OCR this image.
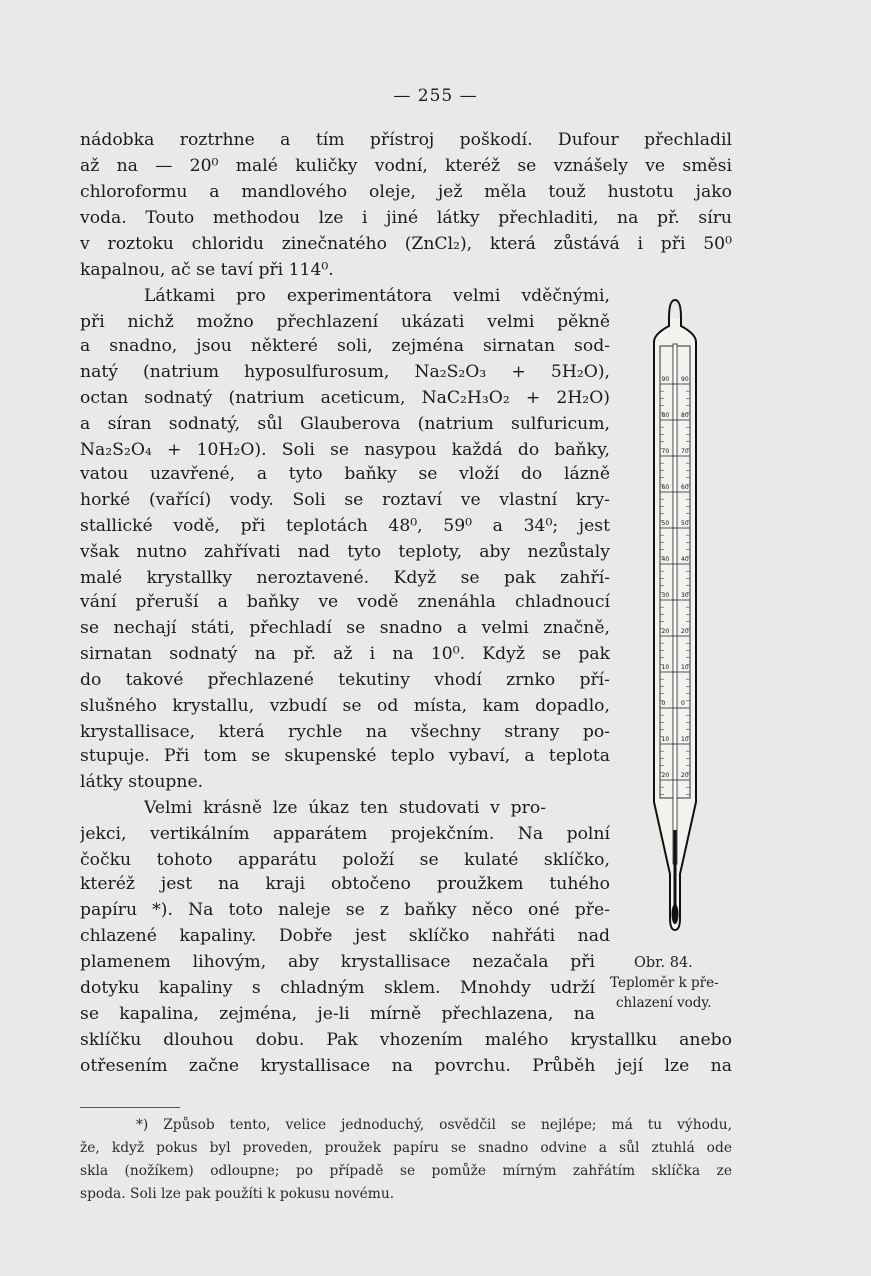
— 255 —
nádobka roztrhne a tím přístroj poškodí. Dufour přechladil
až na — 20⁰ malé kuličky vodní, kteréž se vznášely ve směsi
chloroformu a mandlového oleje, jež měla touž hustotu jako
voda. Touto methodou lze i jiné látky přechladiti, na př. síru
v roztoku chloridu zinečnatého (ZnCl₂), která zůstává i při 50⁰
kapalnou, ač se taví při 114⁰.
Látkami pro experimentátora velmi vděčnými,
při nichž možno přechlazení ukázati velmi pěkně
a snadno, jsou některé soli, zejména sirnatan sod-
natý (natrium hyposulfurosum, Na₂S₂O₃ + 5H₂O),
octan sodnatý (natrium aceticum, NaC₂H₃O₂ + 2H₂O)
a síran sodnatý, sůl Glauberova (natrium sulfuricum,
Na₂S₂O₄ + 10H₂O). Soli se nasypou každá do baňky,
vatou uzavřené, a tyto baňky se vloží do lázně
horké (vařící) vody. Soli se roztaví ve vlastní kry-
stallické vodě, při teplotách 48⁰, 59⁰ a 34⁰; jest
však nutno zahřívati nad tyto teploty, aby nezůstaly
malé krystallky neroztavené. Když se pak zahří-
vání přeruší a baňky ve vodě znenáhla chladnoucí
se nechají státi, přechladí se snadno a velmi značně,
sirnatan sodnatý na př. až i na 10⁰. Když se pak
do takové přechlazené tekutiny vhodí zrnko pří-
slušného krystallu, vzbudí se od místa, kam dopadlo,
krystallisace, která rychle na všechny strany po-
stupuje. Při tom se skupenské teplo vybaví, a teplota
látky stoupne.
Velmi krásně lze úkaz ten studovati v pro-
jekci, vertikálním apparátem projekčním. Na polní
čočku tohoto apparátu položí se kulaté sklíčko,
kteréž jest na kraji obtočeno proužkem tuhého
papíru *). Na toto naleje se z baňky něco oné pře-
chlazené kapaliny. Dobře jest sklíčko nahřáti nad
plamenem lihovým, aby krystallisace nezačala při
dotyku kapaliny s chladným sklem. Mnohdy udrží
se kapalina, zejména, je-li mírně přechlazena, na
sklíčku dlouhou dobu. Pak vhozením malého krystallku anebo
otřesením začne krystallisace na povrchu. Průběh její lze na
90 90
80 80
70 70
60 60
50 50
40 40
30 30
20 20
10 10
0	0
10 10
20 20
Obr. 84.
Teploměr k pře-
chlazení vody.
*) Způsob tento, velice jednoduchý, osvědčil se nejlépe; má tu výhodu,
že, když pokus byl proveden, proužek papíru se snadno odvine a sůl ztuhlá ode
skla (nožíkem) odloupne; po případě se pomůže mírným zahřátím sklíčka ze
spoda. Soli lze pak použíti k pokusu novému.
